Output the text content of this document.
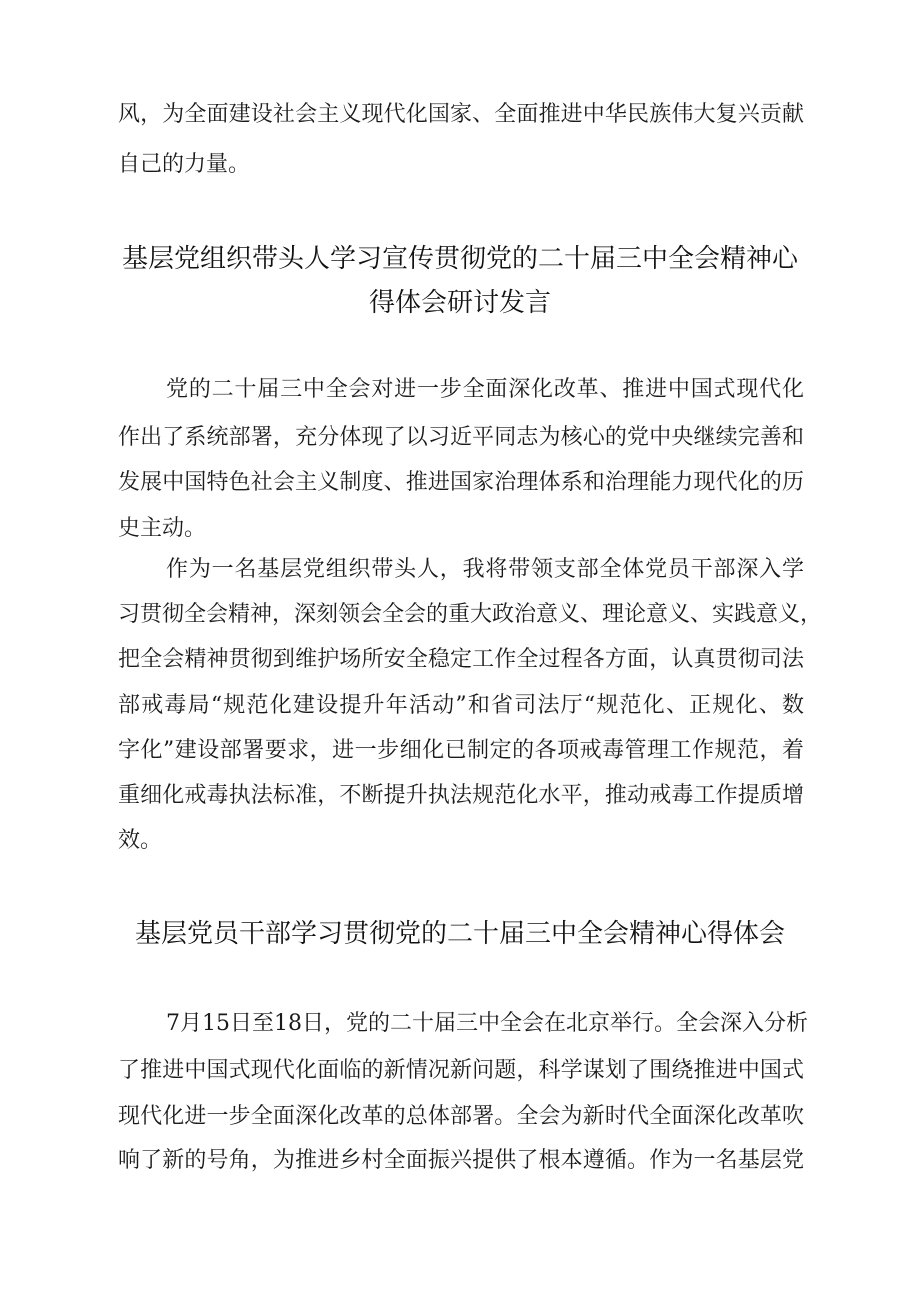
风，为全面建设社会主义现代化国家、全面推进中华民族伟大复兴贡献
自己的力量。
基层党组织带头人学习宣传贯彻党的二十届三中全会精神心
得体会研讨发言
党的二十届三中全会对进一步全面深化改革、推进中国式现代化
作出了系统部署，充分体现了以习近平同志为核心的党中央继续完善和
发展中国特色社会主义制度、推进国家治理体系和治理能力现代化的历
史主动。
作为一名基层党组织带头人，我将带领支部全体党员干部深入学
习贯彻全会精神，深刻领会全会的重大政治意义、理论意义、实践意义，
把全会精神贯彻到维护场所安全稳定工作全过程各方面，认真贯彻司法
部戒毒局“规范化建设提升年活动”和省司法厅“规范化、正规化、数
字化”建设部署要求，进一步细化已制定的各项戒毒管理工作规范，着
重细化戒毒执法标准，不断提升执法规范化水平，推动戒毒工作提质增
效。
基层党员干部学习贯彻党的二十届三中全会精神心得体会
7月15日至18日，党的二十届三中全会在北京举行。全会深入分析
了推进中国式现代化面临的新情况新问题，科学谋划了围绕推进中国式
现代化进一步全面深化改革的总体部署。全会为新时代全面深化改革吹
响了新的号角，为推进乡村全面振兴提供了根本遵循。作为一名基层党
